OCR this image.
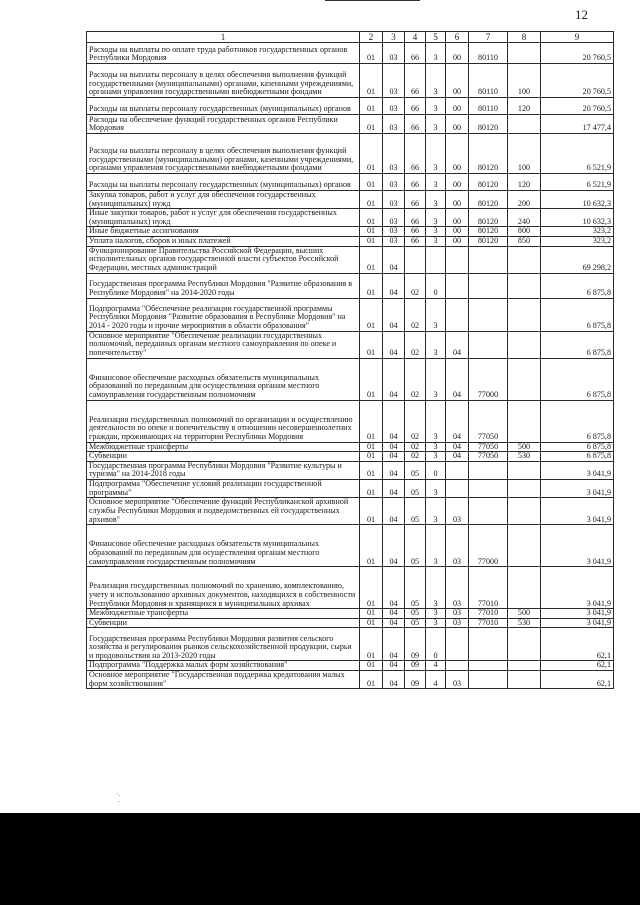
12
1	2	3	4	5	6	7	8	9
Расходы на выплаты по оплате труда работников государственных органов Республики Мордовия	01	03	66	3	00	80110		20 760,5
Расходы на выплаты персоналу в целях обеспечения выполнения функций государственными (муниципальными) органами, казенными учреждениями, органами управления государственными внебюджетными фондами	01	03	66	3	00	80110	100	20 760,5
Расходы на выплаты персоналу государственных (муниципальных) органов	01	03	66	3	00	80110	120	20 760,5
Расходы на обеспечение функций государственных органов Республики Мордовия	01	03	66	3	00	80120		17 477,4
Расходы на выплаты персоналу в целях обеспечения выполнения функций государственными (муниципальными) органами, казенными учреждениями, органами управления государственными внебюджетными фондами	01	03	66	3	00	80120	100	6 521,9
Расходы на выплаты персоналу государственных (муниципальных) органов	01	03	66	3	00	80120	120	6 521,9
Закупка товаров, работ и услуг для обеспечения государственных (муниципальных) нужд	01	03	66	3	00	80120	200	10 632,3
Иные закупки товаров, работ и услуг для обеспечения государственных (муниципальных) нужд	01	03	66	3	00	80120	240	10 632,3
Иные бюджетные ассигнования	01	03	66	3	00	80120	800	323,2
Уплата налогов, сборов и иных платежей	01	03	66	3	00	80120	850	323,2
Функционирование Правительства Российской Федерации, высших исполнительных органов государственной власти субъектов Российской Федерации, местных администраций	01	04						69 298,2
Государственная программа Республики Мордовия "Развитие образования в Республике Мордовия" на 2014-2020 годы	01	04	02	0				6 875,8
Подпрограмма "Обеспечение реализации государственной программы Республики Мордовия "Развитие образования в Республике Мордовия" на 2014 - 2020 годы и прочие мероприятия в области образования"	01	04	02	3				6 875,8
Основное мероприятие "Обеспечение реализации государственных полномочий, переданных органам местного самоуправления по опеке и попечительству"	01	04	02	3	04			6 875,8
Финансовое обеспечение расходных обязательств муниципальных образований по переданным для осуществления органам местного самоуправления государственным полномочиям	01	04	02	3	04	77000		6 875,8
Реализация государственных полномочий по организации и осуществлению деятельности по опеке и попечительству в отношении несовершеннолетних граждан, проживающих на территории Республики Мордовия	01	04	02	3	04	77050		6 875,8
Межбюджетные трансферты	01	04	02	3	04	77050	500	6 875,8
Субвенции	01	04	02	3	04	77050	530	6 875,8
Государственная программа Республики Мордовия "Развитие культуры и туризма" на 2014-2018 годы	01	04	05	0				3 041,9
Подпрограмма "Обеспечение условий реализации государственной программы"	01	04	05	3				3 041,9
Основное мероприятие "Обеспечение функций Республиканской архивной службы Республики Мордовия и подведомственных ей государственных архивов"	01	04	05	3	03			3 041,9
Финансовое обеспечение расходных обязательств муниципальных образований по переданным для осуществления органам местного самоуправления государственным полномочиям	01	04	05	3	03	77000		3 041,9
Реализация государственных полномочий по хранению, комплектованию, учету и использованию архивных документов, находящихся в собственности Республики Мордовия и хранящихся в муниципальных архивах	01	04	05	3	03	77010		3 041,9
Межбюджетные трансферты	01	04	05	3	03	77010	500	3 041,9
Субвенции	01	04	05	3	03	77010	530	3 041,9
Государственная программа Республики Мордовия развития сельского хозяйства и регулирования рынков сельскохозяйственной продукции, сырья и продовольствия на 2013-2020 годы	01	04	09	0				62,1
Подпрограмма "Поддержка малых форм хозяйствования"	01	04	09	4				62,1
Основное мероприятие "Государственная поддержка кредитования малых форм хозяйствования"	01	04	09	4	03			62,1
·.
·
